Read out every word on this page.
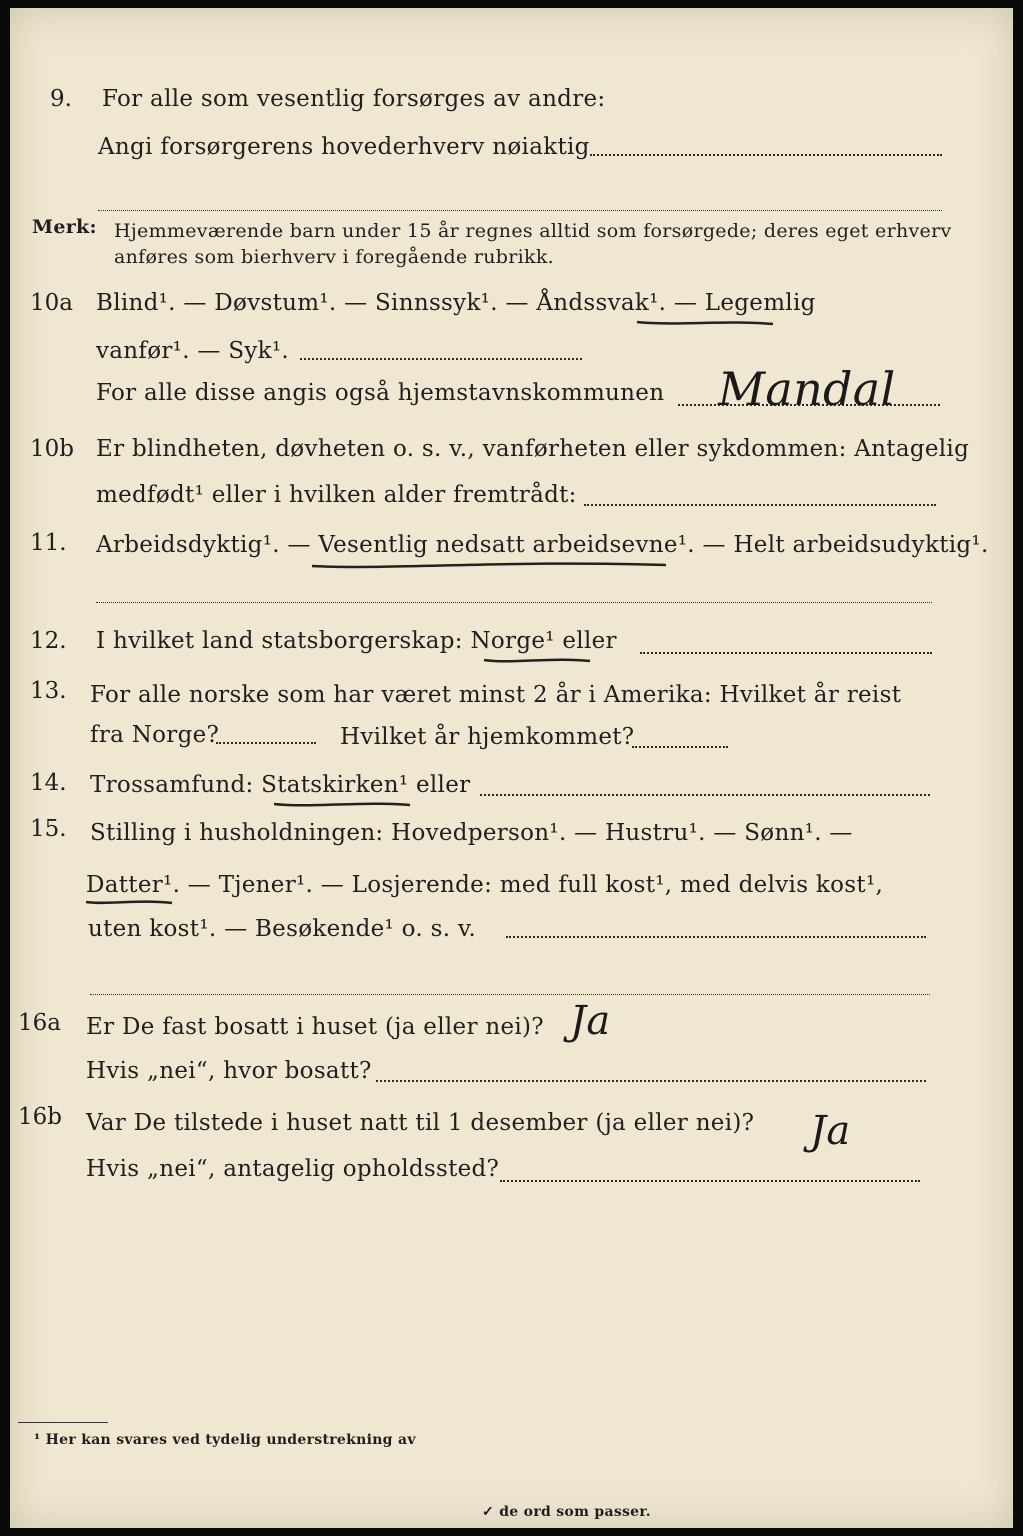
9. For alle som vesentlig forsørges av andre:
Angi forsørgerens hovederhverv nøiaktig
Merk: Hjemmeværende barn under 15 år regnes alltid som forsørgede; deres eget erhverv
anføres som bierhverv i foregående rubrikk.
10a Blind¹. — Døvstum¹. — Sinnssyk¹. — Åndssvak¹. — Legemlig
vanfør¹. — Syk¹.
For alle disse angis også hjemstavnskommunen Mandal
10b Er blindheten, døvheten o. s. v., vanførheten eller sykdommen: Antagelig
medfødt¹ eller i hvilken alder fremtrådt:
11. Arbeidsdyktig¹. — Vesentlig nedsatt arbeidsevne¹. — Helt arbeidsudyktig¹.
12. I hvilket land statsborgerskap: Norge¹ eller
13. For alle norske som har været minst 2 år i Amerika: Hvilket år reist
fra Norge?	Hvilket år hjemkommet?
14. Trossamfund: Statskirken¹ eller
15. Stilling i husholdningen: Hovedperson¹. — Hustru¹. — Sønn¹. —
Datter¹. — Tjener¹. — Losjerende: med full kost¹, med delvis kost¹,
uten kost¹. — Besøkende¹ o. s. v.
16a Er De fast bosatt i huset (ja eller nei)? Ja
Hvis „nei“, hvor bosatt?
16b Var De tilstede i huset natt til 1 desember (ja eller nei)? Ja
Hvis „nei“, antagelig opholdssted?
¹ Her kan svares ved tydelig understrekning av
✓ de ord som passer.
